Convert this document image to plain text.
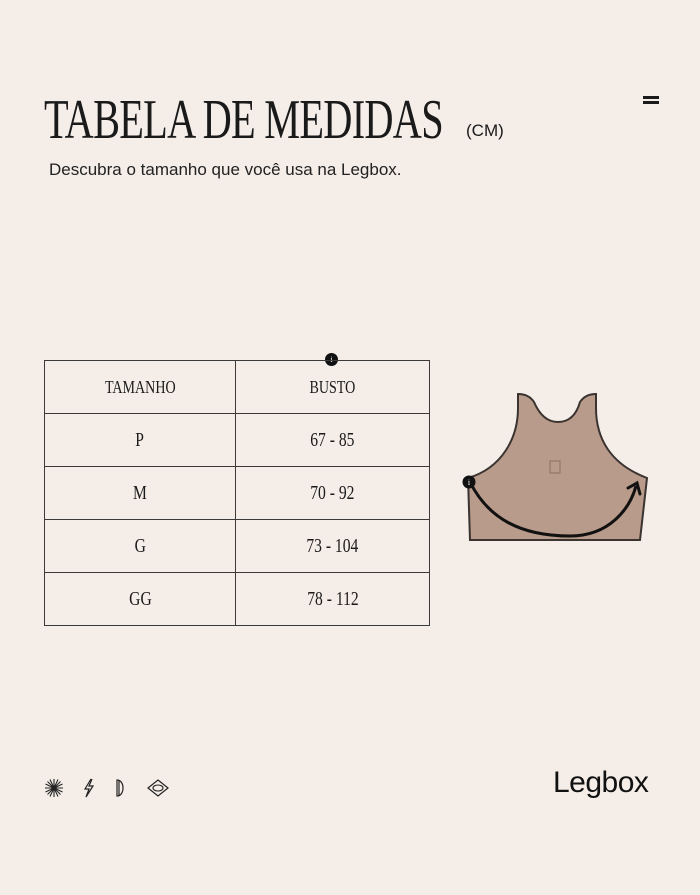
TABELA DE MEDIDAS (CM)
Descubra o tamanho que você usa na Legbox.
i
TAMANHO	BUSTO
P	67 - 85
M	70 - 92
G	73 - 104
GG	78 - 112
i
Legbox
